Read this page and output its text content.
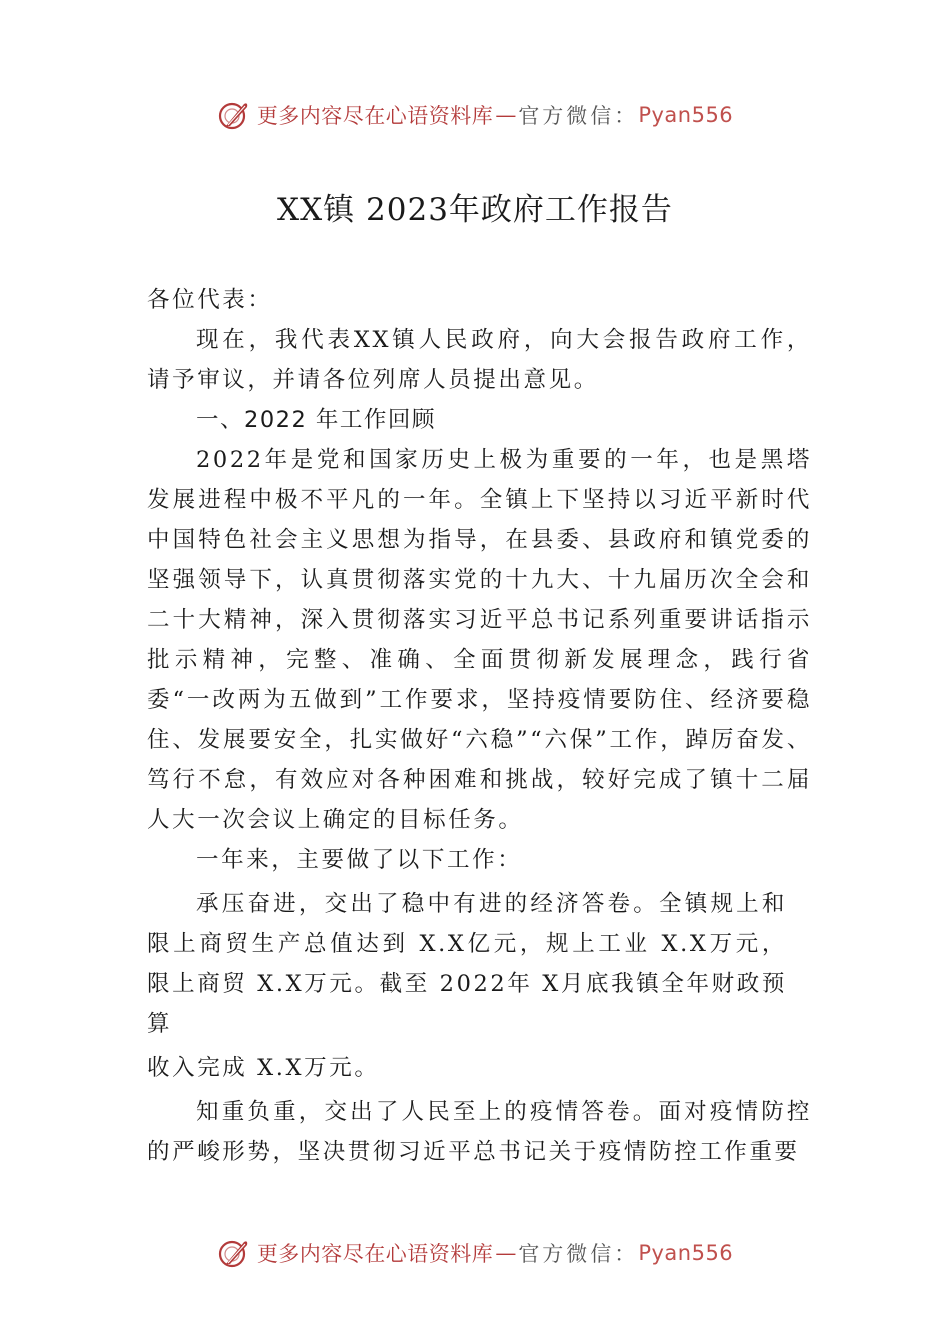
更多内容尽在心语资料库 — 官方微信： Pyan556
XX镇 2023年政府工作报告

各位代表：

现在，我代表XX镇人民政府，向大会报告政府工作， 请予审议，并请各位列席人员提出意见。

一、2022 年工作回顾

2022年是党和国家历史上极为重要的一年，也是黑塔发展进程中极不平凡的一年。全镇上下坚持以习近平新时代中国特色社会主义思想为指导，在县委、县政府和镇党委的坚强领导下，认真贯彻落实党的十九大、十九届历次全会和二十大精神，深入贯彻落实习近平总书记系列重要讲话指示批示精神，完整、准确、全面贯彻新发展理念，践行省委“一改两为五做到”工作要求，坚持疫情要防住、经济要稳住、发展要安全，扎实做好“六稳”“六保”工作，踔厉奋发、笃行不怠，有效应对各种困难和挑战，较好完成了镇十二届人大一次会议上确定的目标任务。

一年来，主要做了以下工作：

承压奋进，交出了稳中有进的经济答卷。全镇规上和限上商贸生产总值达到 X.X亿元，规上工业 X.X万元，限上商贸 X.X万元。截至 2022年 X月底我镇全年财政预算

收入完成 X.X万元。

知重负重，交出了人民至上的疫情答卷。面对疫情防控的严峻形势，坚决贯彻习近平总书记关于疫情防控工作重要

更多内容尽在心语资料库 — 官方微信： Pyan556
